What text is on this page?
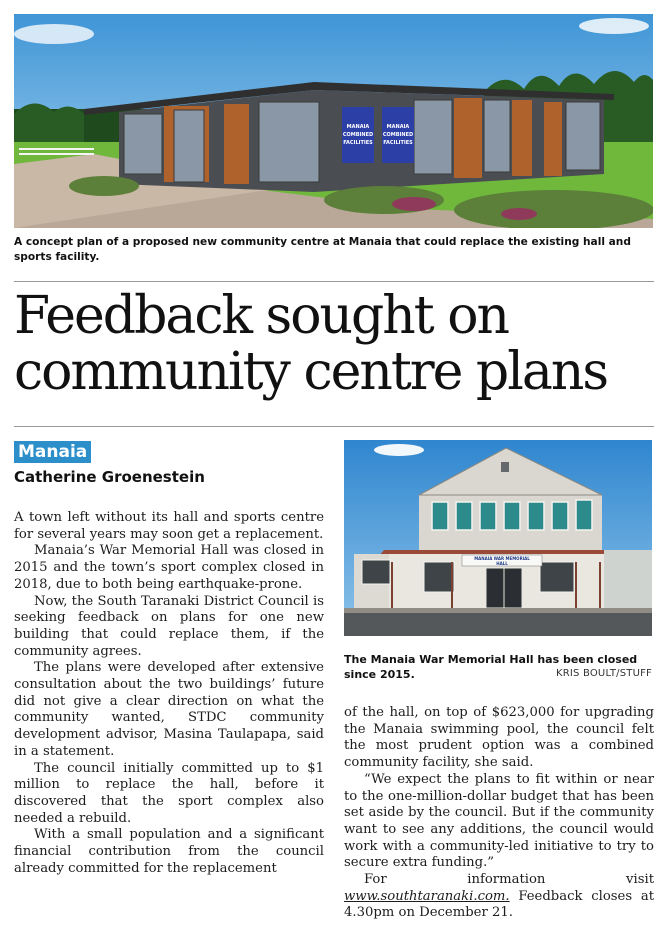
MANAIA
COMBINED
FACILITIES
MANAIA
COMBINED
FACILITIES
A concept plan of a proposed new community centre at Manaia that could replace the existing hall and sports facility.
Feedback sought on
community centre plans
Manaia
Catherine Groenestein

A town left without its hall and sports centre for several years may soon get a replacement.

Manaia’s War Memorial Hall was closed in 2015 and the town’s sport complex closed in 2018, due to both being earthquake-prone.

Now, the South Taranaki District Council is seeking feedback on plans for one new building that could replace them, if the community agrees.

The plans were developed after extensive consultation about the two buildings’ future did not give a clear direction on what the community wanted, STDC community development advisor, Masina Taulapapa, said in a statement.

The council initially committed up to $1 million to replace the hall, before it discovered that the sport complex also needed a rebuild.

With a small population and a significant financial contribution from the council already committed for the replacement

MANAIA WAR MEMORIAL
HALL
The Manaia War Memorial Hall has been closed since 2015.	KRIS BOULT/STUFF

of the hall, on top of $623,000 for upgrading the Manaia swimming pool, the council felt the most prudent option was a combined community facility, she said.

“We expect the plans to fit within or near to the one-million-dollar budget that has been set aside by the council. But if the community want to see any additions, the council would work with a community-led initiative to try to secure extra funding.”

For information visit www.southtaranaki.com. Feedback closes at 4.30pm on December 21.
